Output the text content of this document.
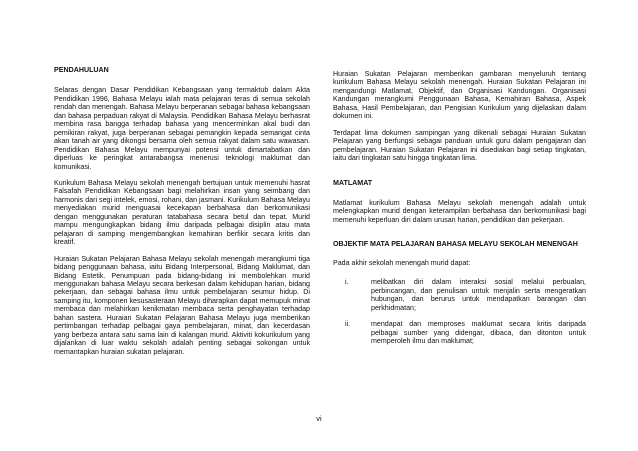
PENDAHULUAN

Selaras dengan Dasar Pendidikan Kebangsaan yang termaktub dalam Akta Pendidikan 1996, Bahasa Melayu ialah mata pelajaran teras di semua sekolah rendah dan menengah. Bahasa Melayu berperanan sebagai bahasa kebangsaan dan bahasa perpaduan rakyat di Malaysia. Pendidikan Bahasa Melayu berhasrat membina rasa bangga terhadap bahasa yang mencerminkan akal budi dan pemikiran rakyat, juga berperanan sebagai pemangkin kepada semangat cinta akan tanah air yang dikongsi bersama oleh semua rakyat dalam satu wawasan. Pendidikan Bahasa Melayu mempunyai potensi untuk dimartabatkan dan diperluas ke peringkat antarabangsa menerusi teknologi maklumat dan komunikasi.

Kurikulum Bahasa Melayu sekolah menengah bertujuan untuk memenuhi hasrat Falsafah Pendidikan Kebangsaan bagi melahirkan insan yang seimbang dan harmonis dari segi intelek, emosi, rohani, dan jasmani. Kurikulum Bahasa Melayu menyediakan murid menguasai kecekapan berbahasa dan berkomunikasi dengan menggunakan peraturan tatabahasa secara betul dan tepat. Murid mampu mengungkapkan bidang ilmu daripada pelbagai disiplin atau mata pelajaran di samping mengembangkan kemahiran berfikir secara kritis dan kreatif.

Huraian Sukatan Pelajaran Bahasa Melayu sekolah menengah merangkumi tiga bidang penggunaan bahasa, iaitu Bidang Interpersonal, Bidang Maklumat, dan Bidang Estetik. Penumpuan pada bidang-bidang ini membolehkan murid menggunakan bahasa Melayu secara berkesan dalam kehidupan harian, bidang pekerjaan, dan sebagai bahasa ilmu untuk pembelajaran seumur hidup. Di samping itu, komponen kesusasteraan Melayu diharapkan dapat memupuk minat membaca dan melahirkan kenikmatan membaca serta penghayatan terhadap bahan sastera. Huraian Sukatan Pelajaran Bahasa Melayu juga memberikan pertimbangan terhadap pelbagai gaya pembelajaran, minat, dan kecerdasan yang berbeza antara satu sama lain di kalangan murid. Aktiviti kokurikulum yang dijalankan di luar waktu sekolah adalah penting sebagai sokongan untuk memantapkan huraian sukatan pelajaran.

Huraian Sukatan Pelajaran memberikan gambaran menyeluruh tentang kurikulum Bahasa Melayu sekolah menengah. Huraian Sukatan Pelajaran ini mengandungi Matlamat, Objektif, dan Organisasi Kandungan. Organisasi Kandungan merangkumi Penggunaan Bahasa, Kemahiran Bahasa, Aspek Bahasa, Hasil Pembelajaran, dan Pengisian Kurikulum yang dijelaskan dalam dokumen ini.

Terdapat lima dokumen sampingan yang dikenali sebagai Huraian Sukatan Pelajaran yang berfungsi sebagai panduan untuk guru dalam pengajaran dan pembelajaran. Huraian Sukatan Pelajaran ini disediakan bagi setiap tingkatan, iaitu dari tingkatan satu hingga tingkatan lima.

MATLAMAT

Matlamat kurikulum Bahasa Melayu sekolah menengah adalah untuk melengkapkan murid dengan keterampilan berbahasa dan berkomunikasi bagi memenuhi keperluan diri dalam urusan harian, pendidikan dan pekerjaan.

OBJEKTIF MATA PELAJARAN BAHASA MELAYU SEKOLAH MENENGAH

Pada akhir sekolah menengah murid dapat:

i.	melibatkan diri dalam interaksi sosial melalui perbualan, perbincangan, dan penulisan untuk menjalin serta mengeratkan hubungan, dan berurus untuk mendapatkan barangan dan perkhidmatan;
ii.	mendapat dan memproses maklumat secara kritis daripada pelbagai sumber yang didengar, dibaca, dan ditonton untuk memperoleh ilmu dan maklumat;
vi
